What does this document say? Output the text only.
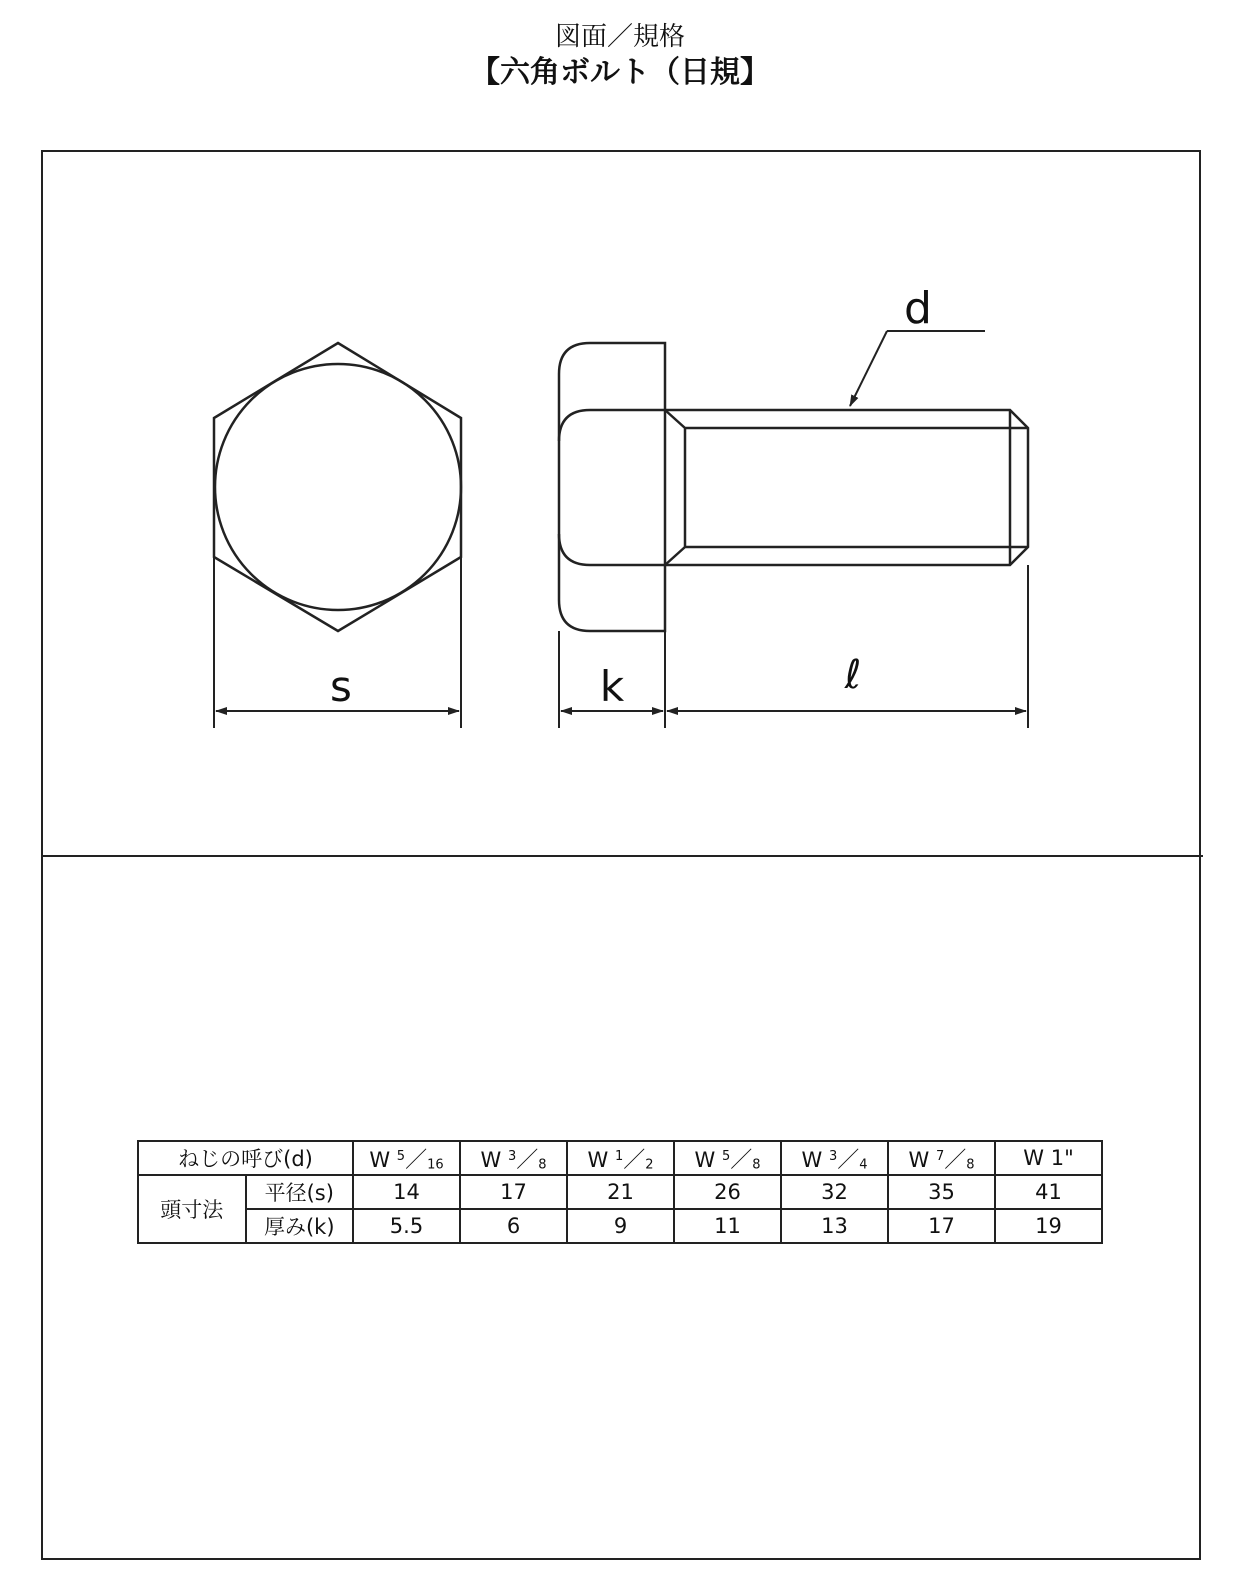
図面／規格
【六角ボルト（日規】
s	k	ℓ
d
ねじの呼び(d)		W $^5$／16	W $^3$／8	W $^1$／2	W $^5$／8	W $^3$／4	W $^7$／8	W 1"
頭寸法	平径(s)	14	17	21	26	32	35	41
	厚み(k)	5.5	6	9	11	13	17	19
